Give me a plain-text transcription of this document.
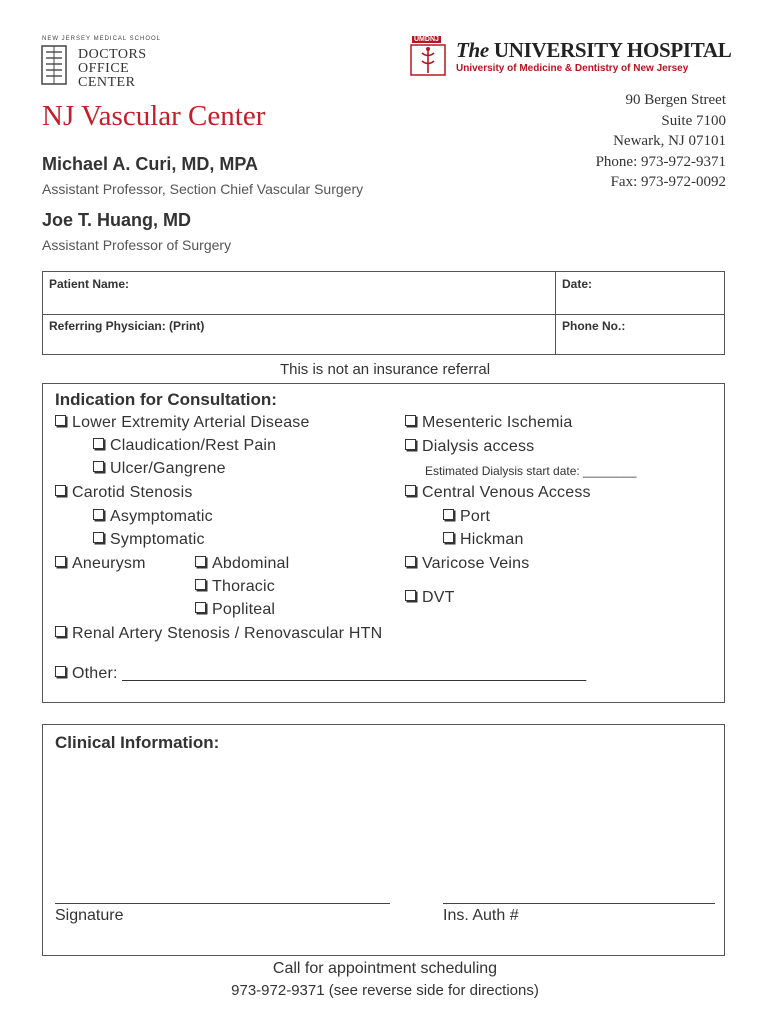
NEW JERSEY MEDICAL SCHOOL
DOCTORS
OFFICE
CENTER
UMDNJ The UNIVERSITY HOSPITAL
University of Medicine & Dentistry of New Jersey
NJ Vascular Center	90 Bergen Street
Suite 7100
Newark, NJ 07101
Phone: 973-972-9371
Fax: 973-972-0092
Michael A. Curi, MD, MPA
Assistant Professor, Section Chief Vascular Surgery
Joe T. Huang, MD
Assistant Professor of Surgery
Patient Name:	Date:
Referring Physician: (Print)	Phone No.:
This is not an insurance referral
Indication for Consultation:
Lower Extremity Arterial Disease
Claudication/Rest Pain
Ulcer/Gangrene
Carotid Stenosis
Asymptomatic
Symptomatic
Aneurysm	Abdominal
Thoracic
Popliteal
Renal Artery Stenosis / Renovascular HTN
Other: ___________________________________________________
Mesenteric Ischemia
Dialysis access
Estimated Dialysis start date: ________
Central Venous Access
Port
Hickman
Varicose Veins
DVT
Clinical Information:
Signature	Ins. Auth #
Call for appointment scheduling
973-972-9371 (see reverse side for directions)
